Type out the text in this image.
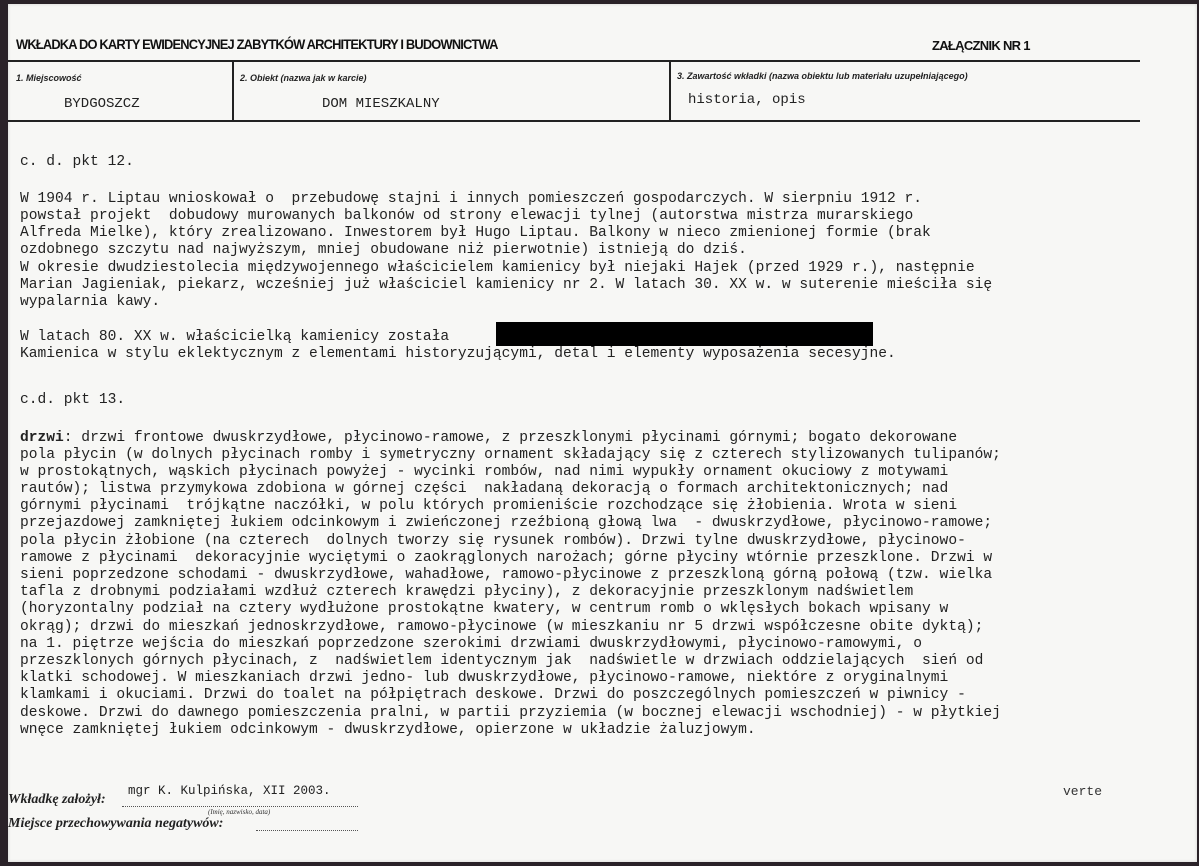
WKŁADKA DO KARTY EWIDENCYJNEJ ZABYTKÓW ARCHITEKTURY I BUDOWNICTWA	ZAŁĄCZNIK NR 1
1. Miejscowość
BYDGOSZCZ
2. Obiekt (nazwa jak w karcie)
DOM MIESZKALNY
3. Zawartość wkładki (nazwa obiektu lub materiału uzupełniającego)
historia, opis
c. d. pkt 12.
W 1904 r. Liptau wnioskował o  przebudowę stajni i innych pomieszczeń gospodarczych. W sierpniu 1912 r.
powstał projekt  dobudowy murowanych balkonów od strony elewacji tylnej (autorstwa mistrza murarskiego
Alfreda Mielke), który zrealizowano. Inwestorem był Hugo Liptau. Balkony w nieco zmienionej formie (brak
ozdobnego szczytu nad najwyższym, mniej obudowane niż pierwotnie) istnieją do dziś.
W okresie dwudziestolecia międzywojennego właścicielem kamienicy był niejaki Hajek (przed 1929 r.), następnie
Marian Jagieniak, piekarz, wcześniej już właściciel kamienicy nr 2. W latach 30. XX w. w suterenie mieściła się
wypalarnia kawy.
W latach 80. XX w. właścicielką kamienicy została
Kamienica w stylu eklektycznym z elementami historyzującymi, detal i elementy wyposażenia secesyjne.
c.d. pkt 13.
drzwi: drzwi frontowe dwuskrzydłowe, płycinowo-ramowe, z przeszklonymi płycinami górnymi; bogato dekorowane
pola płycin (w dolnych płycinach romby i symetryczny ornament składający się z czterech stylizowanych tulipanów;
w prostokątnych, wąskich płycinach powyżej - wycinki rombów, nad nimi wypukły ornament okuciowy z motywami
rautów); listwa przymykowa zdobiona w górnej części  nakładaną dekoracją o formach architektonicznych; nad
górnymi płycinami  trójkątne naczółki, w polu których promieniście rozchodzące się żłobienia. Wrota w sieni
przejazdowej zamkniętej łukiem odcinkowym i zwieńczonej rzeźbioną głową lwa  - dwuskrzydłowe, płycinowo-ramowe;
pola płycin żłobione (na czterech  dolnych tworzy się rysunek rombów). Drzwi tylne dwuskrzydłowe, płycinowo-
ramowe z płycinami  dekoracyjnie wyciętymi o zaokrąglonych narożach; górne płyciny wtórnie przeszklone. Drzwi w
sieni poprzedzone schodami - dwuskrzydłowe, wahadłowe, ramowo-płycinowe z przeszkloną górną połową (tzw. wielka
tafla z drobnymi podziałami wzdłuż czterech krawędzi płyciny), z dekoracyjnie przeszklonym nadświetlem
(horyzontalny podział na cztery wydłużone prostokątne kwatery, w centrum romb o wklęsłych bokach wpisany w
okrąg); drzwi do mieszkań jednoskrzydłowe, ramowo-płycinowe (w mieszkaniu nr 5 drzwi współczesne obite dyktą);
na 1. piętrze wejścia do mieszkań poprzedzone szerokimi drzwiami dwuskrzydłowymi, płycinowo-ramowymi, o
przeszklonych górnych płycinach, z  nadświetlem identycznym jak  nadświetle w drzwiach oddzielających  sień od
klatki schodowej. W mieszkaniach drzwi jedno- lub dwuskrzydłowe, płycinowo-ramowe, niektóre z oryginalnymi
klamkami i okuciami. Drzwi do toalet na półpiętrach deskowe. Drzwi do poszczególnych pomieszczeń w piwnicy -
deskowe. Drzwi do dawnego pomieszczenia pralni, w partii przyziemia (w bocznej elewacji wschodniej) - w płytkiej
wnęce zamkniętej łukiem odcinkowym - dwuskrzydłowe, opierzone w układzie żaluzjowym.
verte
Wkładkę założył:
mgr K. Kulpińska, XII 2003.
(Imię, nazwisko, data)
Miejsce przechowywania negatywów:
